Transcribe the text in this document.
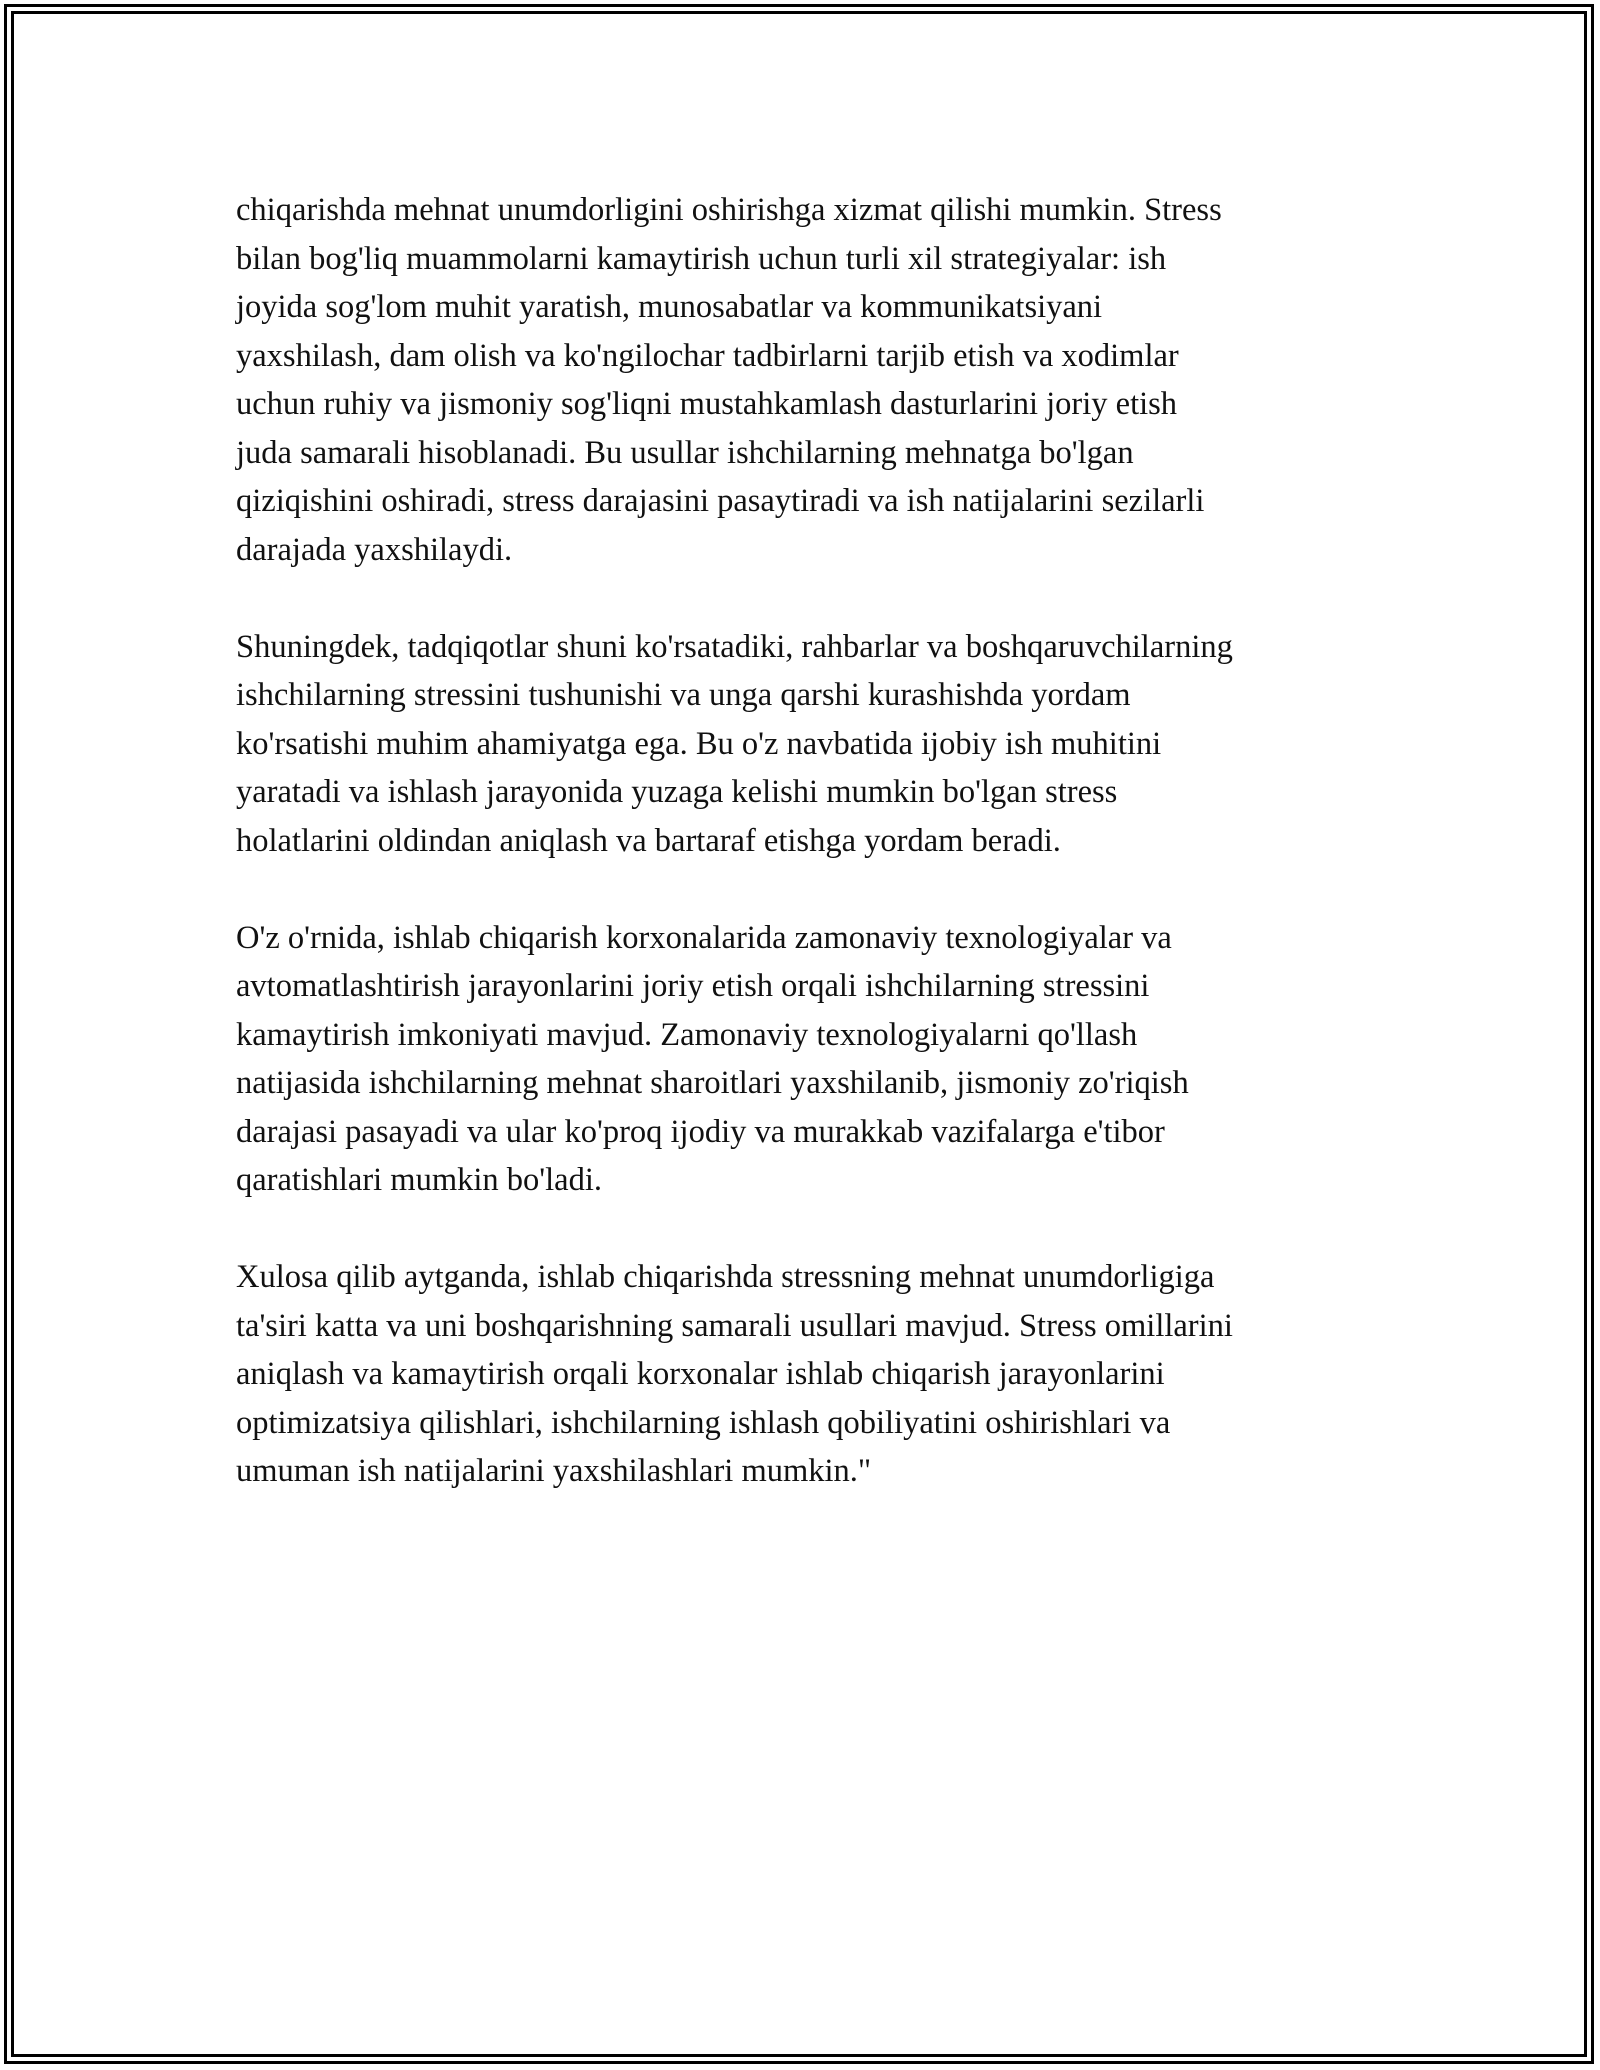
chiqarishda mehnat unumdorligini oshirishga xizmat qilishi mumkin. Stress
bilan bog'liq muammolarni kamaytirish uchun turli xil strategiyalar: ish
joyida sog'lom muhit yaratish, munosabatlar va kommunikatsiyani
yaxshilash, dam olish va ko'ngilochar tadbirlarni tarjib etish va xodimlar
uchun ruhiy va jismoniy sog'liqni mustahkamlash dasturlarini joriy etish
juda samarali hisoblanadi. Bu usullar ishchilarning mehnatga bo'lgan
qiziqishini oshiradi, stress darajasini pasaytiradi va ish natijalarini sezilarli
darajada yaxshilaydi.

Shuningdek, tadqiqotlar shuni ko'rsatadiki, rahbarlar va boshqaruvchilarning
ishchilarning stressini tushunishi va unga qarshi kurashishda yordam
ko'rsatishi muhim ahamiyatga ega. Bu o'z navbatida ijobiy ish muhitini
yaratadi va ishlash jarayonida yuzaga kelishi mumkin bo'lgan stress
holatlarini oldindan aniqlash va bartaraf etishga yordam beradi.

O'z o'rnida, ishlab chiqarish korxonalarida zamonaviy texnologiyalar va
avtomatlashtirish jarayonlarini joriy etish orqali ishchilarning stressini
kamaytirish imkoniyati mavjud. Zamonaviy texnologiyalarni qo'llash
natijasida ishchilarning mehnat sharoitlari yaxshilanib, jismoniy zo'riqish
darajasi pasayadi va ular ko'proq ijodiy va murakkab vazifalarga e'tibor
qaratishlari mumkin bo'ladi.

Xulosa qilib aytganda, ishlab chiqarishda stressning mehnat unumdorligiga
ta'siri katta va uni boshqarishning samarali usullari mavjud. Stress omillarini
aniqlash va kamaytirish orqali korxonalar ishlab chiqarish jarayonlarini
optimizatsiya qilishlari, ishchilarning ishlash qobiliyatini oshirishlari va
umuman ish natijalarini yaxshilashlari mumkin."
